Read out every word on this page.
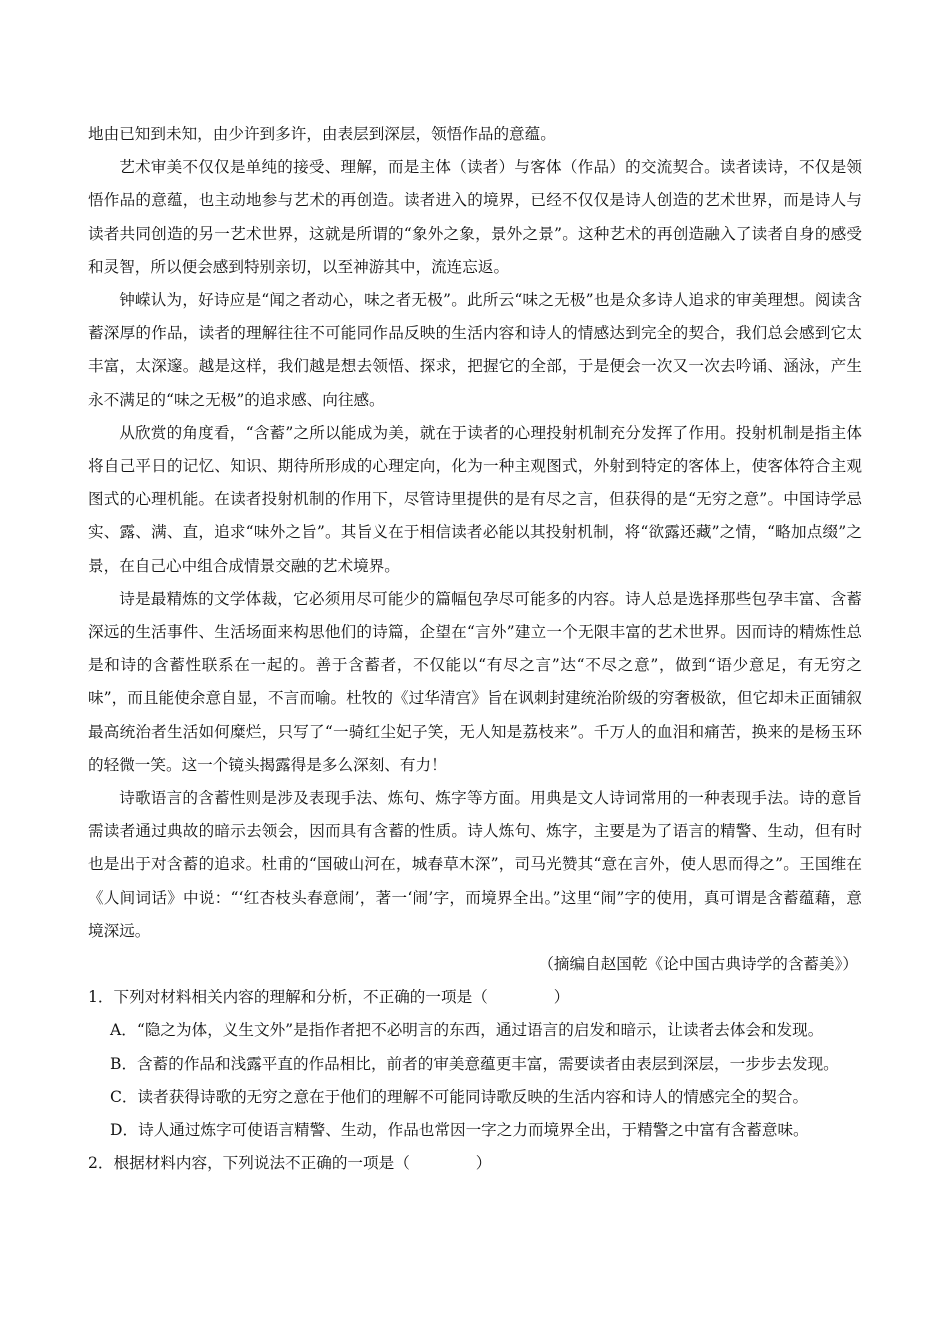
地由已知到未知，由少许到多许，由表层到深层，领悟作品的意蕴。

艺术审美不仅仅是单纯的接受、理解，而是主体（读者）与客体（作品）的交流契合。读者读诗，不仅是领悟作品的意蕴，也主动地参与艺术的再创造。读者进入的境界，已经不仅仅是诗人创造的艺术世界，而是诗人与读者共同创造的另一艺术世界，这就是所谓的“象外之象，景外之景”。这种艺术的再创造融入了读者自身的感受和灵智，所以便会感到特别亲切，以至神游其中，流连忘返。

钟嵘认为，好诗应是“闻之者动心，味之者无极”。此所云“味之无极”也是众多诗人追求的审美理想。阅读含蓄深厚的作品，读者的理解往往不可能同作品反映的生活内容和诗人的情感达到完全的契合，我们总会感到它太丰富，太深邃。越是这样，我们越是想去领悟、探求，把握它的全部，于是便会一次又一次去吟诵、涵泳，产生永不满足的“味之无极”的追求感、向往感。

从欣赏的角度看，“含蓄”之所以能成为美，就在于读者的心理投射机制充分发挥了作用。投射机制是指主体将自己平日的记忆、知识、期待所形成的心理定向，化为一种主观图式，外射到特定的客体上，使客体符合主观图式的心理机能。在读者投射机制的作用下，尽管诗里提供的是有尽之言，但获得的是“无穷之意”。中国诗学忌实、露、满、直，追求“味外之旨”。其旨义在于相信读者必能以其投射机制，将“欲露还藏”之情，“略加点缀”之景，在自己心中组合成情景交融的艺术境界。

诗是最精炼的文学体裁，它必须用尽可能少的篇幅包孕尽可能多的内容。诗人总是选择那些包孕丰富、含蓄深远的生活事件、生活场面来构思他们的诗篇，企望在“言外”建立一个无限丰富的艺术世界。因而诗的精炼性总是和诗的含蓄性联系在一起的。善于含蓄者，不仅能以“有尽之言”达“不尽之意”，做到“语少意足，有无穷之味”，而且能使余意自显，不言而喻。杜牧的《过华清宫》旨在讽刺封建统治阶级的穷奢极欲，但它却未正面铺叙最高统治者生活如何糜烂，只写了“一骑红尘妃子笑，无人知是荔枝来”。千万人的血泪和痛苦，换来的是杨玉环的轻微一笑。这一个镜头揭露得是多么深刻、有力！

诗歌语言的含蓄性则是涉及表现手法、炼句、炼字等方面。用典是文人诗词常用的一种表现手法。诗的意旨需读者通过典故的暗示去领会，因而具有含蓄的性质。诗人炼句、炼字，主要是为了语言的精警、生动，但有时也是出于对含蓄的追求。杜甫的“国破山河在，城春草木深”，司马光赞其“意在言外，使人思而得之”。王国维在《人间词话》中说：“‘红杏枝头春意闹’，著一‘闹’字，而境界全出。”这里“闹”字的使用，真可谓是含蓄蕴藉，意境深远。

（摘编自赵国乾《论中国古典诗学的含蓄美》）

1．下列对材料相关内容的理解和分析，不正确的一项是（	）

A．“隐之为体，义生文外”是指作者把不必明言的东西，通过语言的启发和暗示，让读者去体会和发现。

B．含蓄的作品和浅露平直的作品相比，前者的审美意蕴更丰富，需要读者由表层到深层，一步步去发现。

C．读者获得诗歌的无穷之意在于他们的理解不可能同诗歌反映的生活内容和诗人的情感完全的契合。

D．诗人通过炼字可使语言精警、生动，作品也常因一字之力而境界全出，于精警之中富有含蓄意味。

2．根据材料内容，下列说法不正确的一项是（	）
